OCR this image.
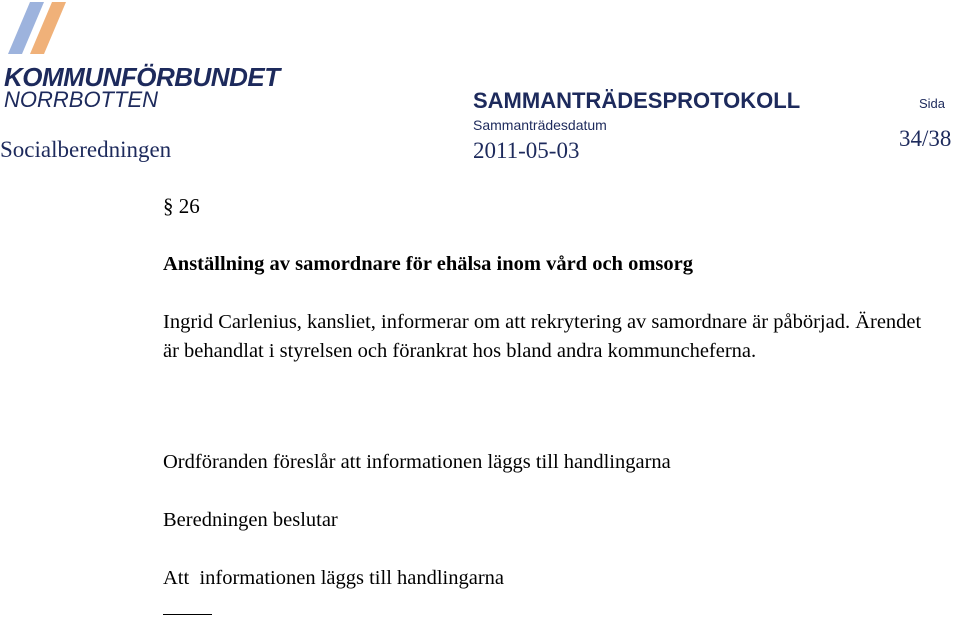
KOMMUNFÖRBUNDET
NORRBOTTEN	SAMMANTRÄDESPROTOKOLL	Sida
Sammanträdesdatum
Socialberedningen	2011-05-03	34/38
§ 26
Anställning av samordnare för ehälsa inom vård och omsorg
Ingrid Carlenius, kansliet, informerar om att rekrytering av samordnare är påbörjad. Ärendet är behandlat i styrelsen och förankrat hos bland andra kommuncheferna.
Ordföranden föreslår att informationen läggs till handlingarna
Beredningen beslutar
Att  informationen läggs till handlingarna
